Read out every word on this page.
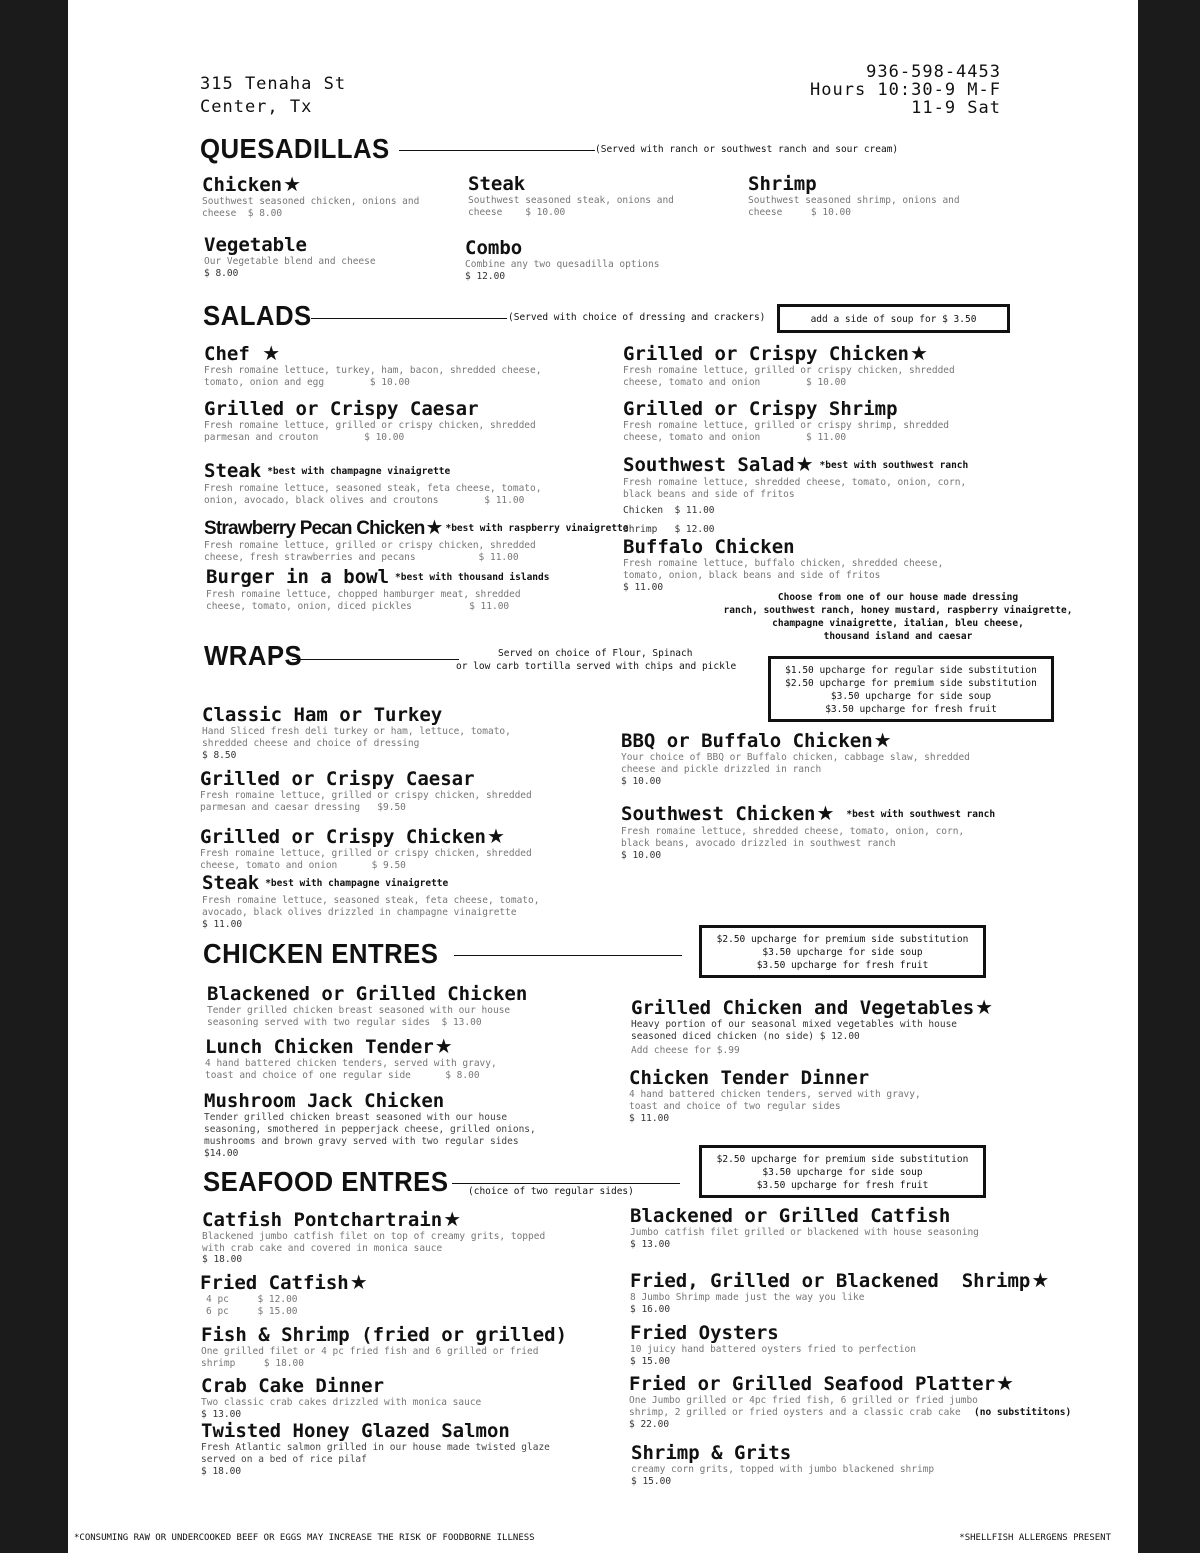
315 Tenaha St
Center, Tx
936-598-4453
Hours 10:30-9 M-F
11-9 Sat
QUESADILLAS	(Served with ranch or southwest ranch and sour cream)
Chicken★
Southwest seasoned chicken, onions and
cheese  $ 8.00
Steak
Southwest seasoned steak, onions and
cheese    $ 10.00
Shrimp
Southwest seasoned shrimp, onions and
cheese     $ 10.00
Vegetable
Our Vegetable blend and cheese
$ 8.00
Combo
Combine any two quesadilla options
$ 12.00
SALADS	(Served with choice of dressing and crackers)	add a side of soup for $ 3.50
Chef ★
Fresh romaine lettuce, turkey, ham, bacon, shredded cheese,
tomato, onion and egg        $ 10.00
Grilled or Crispy Caesar
Fresh romaine lettuce, grilled or crispy chicken, shredded
parmesan and crouton        $ 10.00
Steak *best with champagne vinaigrette
Fresh romaine lettuce, seasoned steak, feta cheese, tomato,
onion, avocado, black olives and croutons        $ 11.00
Strawberry Pecan Chicken★ *best with raspberry vinaigrette
Fresh romaine lettuce, grilled or crispy chicken, shredded
cheese, fresh strawberries and pecans           $ 11.00
Burger in a bowl *best with thousand islands
Fresh romaine lettuce, chopped hamburger meat, shredded
cheese, tomato, onion, diced pickles          $ 11.00
Grilled or Crispy Chicken★
Fresh romaine lettuce, grilled or crispy chicken, shredded
cheese, tomato and onion        $ 10.00
Grilled or Crispy Shrimp
Fresh romaine lettuce, grilled or crispy shrimp, shredded
cheese, tomato and onion        $ 11.00
Southwest Salad★ *best with southwest ranch
Fresh romaine lettuce, shredded cheese, tomato, onion, corn,
black beans and side of fritos
Chicken  $ 11.00
Shrimp   $ 12.00
Buffalo Chicken
Fresh romaine lettuce, buffalo chicken, shredded cheese,
tomato, onion, black beans and side of fritos
$ 11.00
Choose from one of our house made dressing
ranch, southwest ranch, honey mustard, raspberry vinaigrette,
champagne vinaigrette, italian, bleu cheese,
thousand island and caesar
WRAPS	Served on choice of Flour, Spinach
or low carb tortilla served with chips and pickle	$1.50 upcharge for regular side substitution
$2.50 upcharge for premium side substitution
$3.50 upcharge for side soup
$3.50 upcharge for fresh fruit
Classic Ham or Turkey
Hand Sliced fresh deli turkey or ham, lettuce, tomato,
shredded cheese and choice of dressing
$ 8.50
Grilled or Crispy Caesar
Fresh romaine lettuce, grilled or crispy chicken, shredded
parmesan and caesar dressing   $9.50
Grilled or Crispy Chicken★
Fresh romaine lettuce, grilled or crispy chicken, shredded
cheese, tomato and onion      $ 9.50
Steak *best with champagne vinaigrette
Fresh romaine lettuce, seasoned steak, feta cheese, tomato,
avocado, black olives drizzled in champagne vinaigrette
$ 11.00
BBQ or Buffalo Chicken★
Your choice of BBQ or Buffalo chicken, cabbage slaw, shredded
cheese and pickle drizzled in ranch
$ 10.00
Southwest Chicken★ *best with southwest ranch
Fresh romaine lettuce, shredded cheese, tomato, onion, corn,
black beans, avocado drizzled in southwest ranch
$ 10.00
CHICKEN ENTRES	$2.50 upcharge for premium side substitution
$3.50 upcharge for side soup
$3.50 upcharge for fresh fruit
Blackened or Grilled Chicken
Tender grilled chicken breast seasoned with our house
seasoning served with two regular sides  $ 13.00
Lunch Chicken Tender★
4 hand battered chicken tenders, served with gravy,
toast and choice of one regular side      $ 8.00
Mushroom Jack Chicken
Tender grilled chicken breast seasoned with our house
seasoning, smothered in pepperjack cheese, grilled onions,
mushrooms and brown gravy served with two regular sides
$14.00
Grilled Chicken and Vegetables★
Heavy portion of our seasonal mixed vegetables with house
seasoned diced chicken (no side) $ 12.00
Add cheese for $.99
Chicken Tender Dinner
4 hand battered chicken tenders, served with gravy,
toast and choice of two regular sides
$ 11.00
SEAFOOD ENTRES (choice of two regular sides)
$2.50 upcharge for premium side substitution
$3.50 upcharge for side soup
$3.50 upcharge for fresh fruit
Catfish Pontchartrain★
Blackened jumbo catfish filet on top of creamy grits, topped
with crab cake and covered in monica sauce
$ 18.00
Fried Catfish★
4 pc     $ 12.00
6 pc     $ 15.00
Fish & Shrimp (fried or grilled)
One grilled filet or 4 pc fried fish and 6 grilled or fried
shrimp     $ 18.00
Crab Cake Dinner
Two classic crab cakes drizzled with monica sauce
$ 13.00
Twisted Honey Glazed Salmon
Fresh Atlantic salmon grilled in our house made twisted glaze
served on a bed of rice pilaf
$ 18.00
Blackened or Grilled Catfish
Jumbo catfish filet grilled or blackened with house seasoning
$ 13.00
Fried, Grilled or Blackened  Shrimp★
8 Jumbo Shrimp made just the way you like
$ 16.00
Fried Oysters
10 juicy hand battered oysters fried to perfection
$ 15.00
Fried or Grilled Seafood Platter★
One Jumbo grilled or 4pc fried fish, 6 grilled or fried jumbo
shrimp, 2 grilled or fried oysters and a classic crab cake
$ 22.00
(no substititons)
Shrimp & Grits
creamy corn grits, topped with jumbo blackened shrimp
$ 15.00
*CONSUMING RAW OR UNDERCOOKED BEEF OR EGGS MAY INCREASE THE RISK OF FOODBORNE ILLNESS	*SHELLFISH ALLERGENS PRESENT
